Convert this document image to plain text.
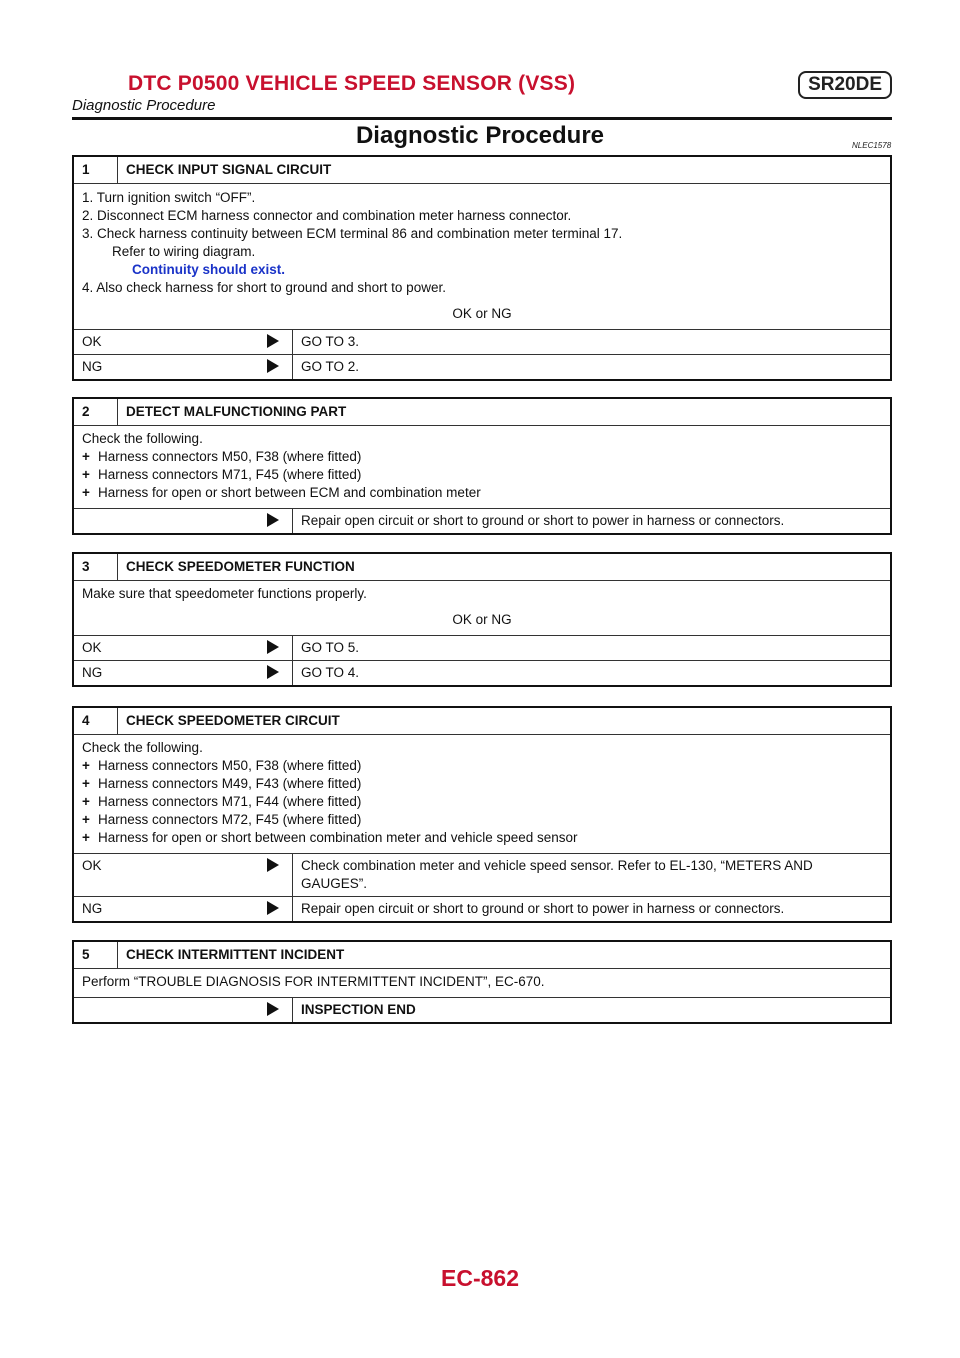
DTC P0500 VEHICLE SPEED SENSOR (VSS)	SR20DE
Diagnostic Procedure
Diagnostic Procedure	NLEC1578
1	CHECK INPUT SIGNAL CIRCUIT
1. Turn ignition switch “OFF”.
2. Disconnect ECM harness connector and combination meter harness connector.
3. Check harness continuity between ECM terminal 86 and combination meter terminal 17.
Refer to wiring diagram.
Continuity should exist.
4. Also check harness for short to ground and short to power.
OK or NG
OK	GO TO 3.
NG	GO TO 2.
2	DETECT MALFUNCTIONING PART
Check the following.
+ Harness connectors M50, F38 (where fitted)
+ Harness connectors M71, F45 (where fitted)
+ Harness for open or short between ECM and combination meter
Repair open circuit or short to ground or short to power in harness or connectors.
3	CHECK SPEEDOMETER FUNCTION
Make sure that speedometer functions properly.
OK or NG
OK	GO TO 5.
NG	GO TO 4.
4	CHECK SPEEDOMETER CIRCUIT
Check the following.
+ Harness connectors M50, F38 (where fitted)
+ Harness connectors M49, F43 (where fitted)
+ Harness connectors M71, F44 (where fitted)
+ Harness connectors M72, F45 (where fitted)
+ Harness for open or short between combination meter and vehicle speed sensor
OK	Check combination meter and vehicle speed sensor. Refer to EL-130, “METERS AND GAUGES”.
NG	Repair open circuit or short to ground or short to power in harness or connectors.
5	CHECK INTERMITTENT INCIDENT
Perform “TROUBLE DIAGNOSIS FOR INTERMITTENT INCIDENT”, EC-670.
INSPECTION END
EC-862
